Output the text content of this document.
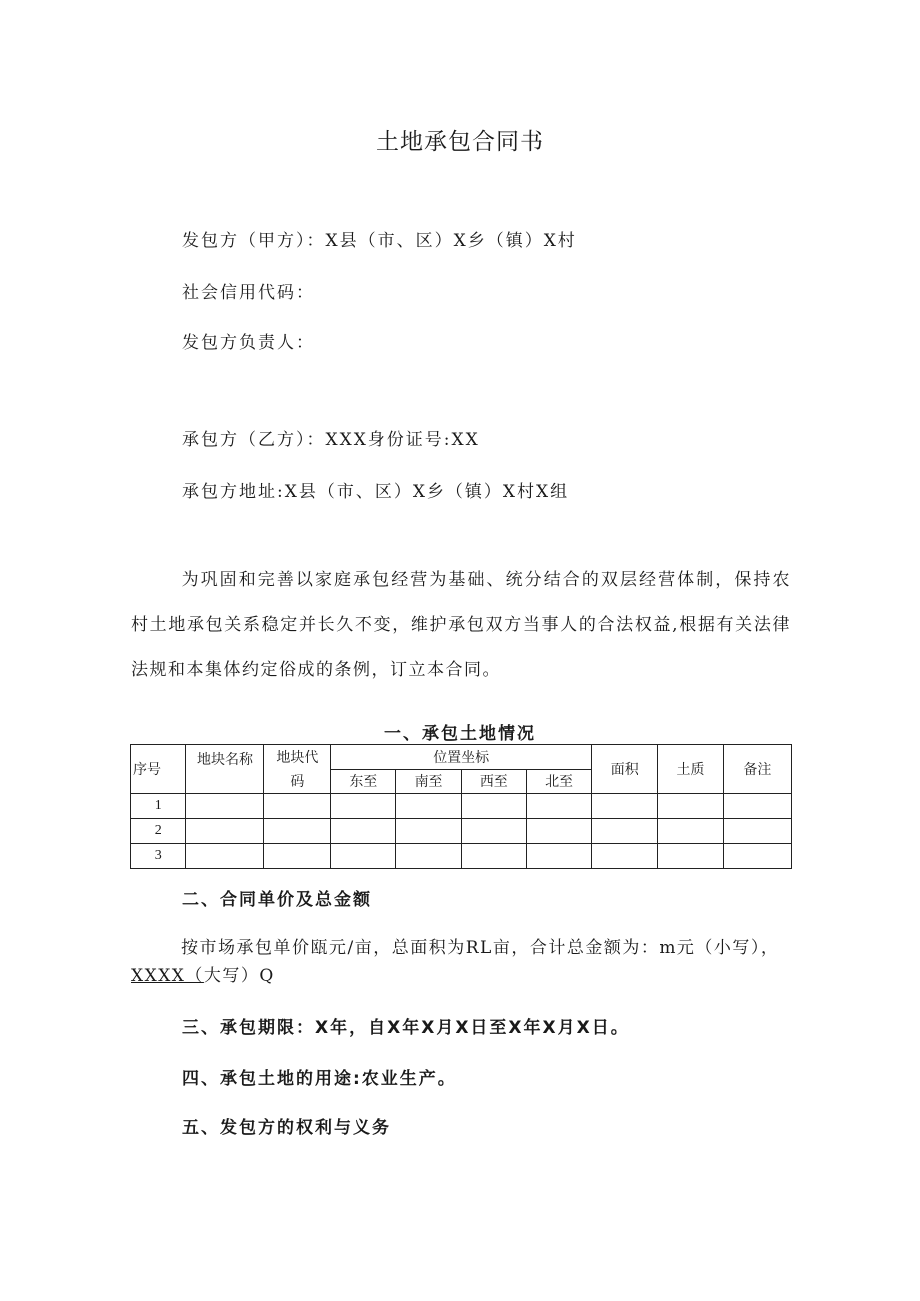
土地承包合同书
发包方（甲方）：X县（市、区）X乡（镇）X村
社会信用代码：
发包方负责人：
承包方（乙方）：XXX身份证号:XX
承包方地址:X县（市、区）X乡（镇）X村X组
为巩固和完善以家庭承包经营为基础、统分结合的双层经营体制，保持农村土地承包关系稳定并长久不变，维护承包双方当事人的合法权益,根据有关法律法规和本集体约定俗成的条例，订立本合同。
一、承包土地情况
序号	地块名称	地块代码	位置坐标				面积	土质	备注
			东至	南至	西至	北至			
1									
2									
3									
二、合同单价及总金额
按市场承包单价瓯元/亩，总面积为RL亩，合计总金额为：m元（小写），XXXX（大写）Q
三、承包期限：X年，自X年X月X日至X年X月X日。
四、承包土地的用途:农业生产。
五、发包方的权利与义务
